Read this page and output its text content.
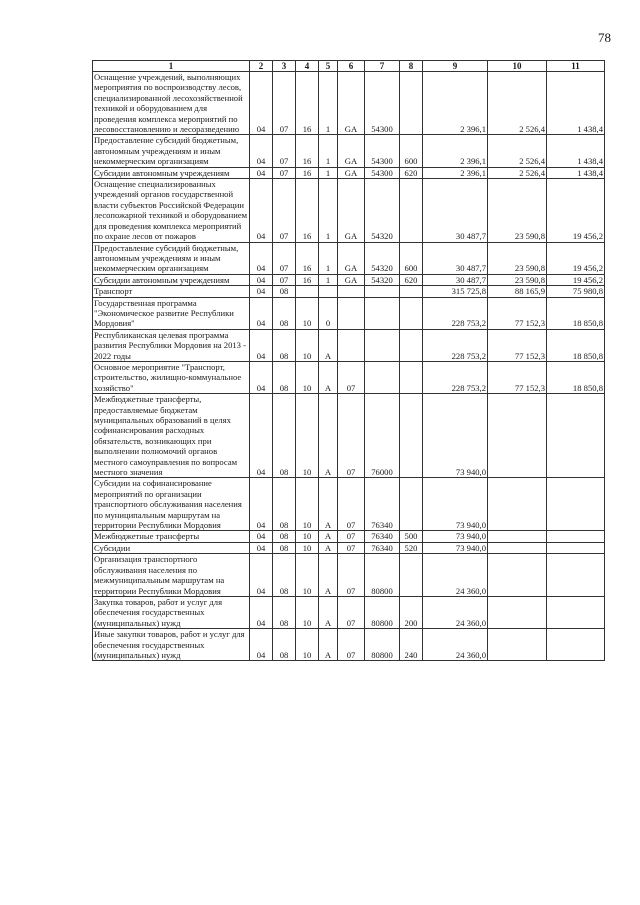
78
1	2	3	4	5	6	7	8	9	10	11
Оснащение учреждений, выполняющих мероприятия по воспроизводству лесов, специализированной лесохозяйственной техникой и оборудованием для проведения комплекса мероприятий по лесовосстановлению и лесоразведению	04	07	16	1	GA	54300		2 396,1	2 526,4	1 438,4
Предоставление субсидий бюджетным, автономным учреждениям и иным некоммерческим организациям	04	07	16	1	GA	54300	600	2 396,1	2 526,4	1 438,4
Субсидии автономным учреждениям	04	07	16	1	GA	54300	620	2 396,1	2 526,4	1 438,4
Оснащение специализированных учреждений органов государственной власти субъектов Российской Федерации лесопожарной техникой и оборудованием для проведения комплекса мероприятий по охране лесов от пожаров	04	07	16	1	GA	54320		30 487,7	23 590,8	19 456,2
Предоставление субсидий бюджетным, автономным учреждениям и иным некоммерческим организациям	04	07	16	1	GA	54320	600	30 487,7	23 590,8	19 456,2
Субсидии автономным учреждениям	04	07	16	1	GA	54320	620	30 487,7	23 590,8	19 456,2
Транспорт	04	08						315 725,8	88 165,9	75 980,8
Государственная программа "Экономическое развитие Республики Мордовия"	04	08	10	0				228 753,2	77 152,3	18 850,8
Республиканская целевая программа развития Республики Мордовия на 2013 - 2022 годы	04	08	10	А				228 753,2	77 152,3	18 850,8
Основное мероприятие "Транспорт, строительство, жилищно-коммунальное хозяйство"	04	08	10	А	07			228 753,2	77 152,3	18 850,8
Межбюджетные трансферты, предоставляемые бюджетам муниципальных образований в целях софинансирования расходных обязательств, возникающих при выполнении полномочий органов местного самоуправления по вопросам местного значения	04	08	10	А	07	76000		73 940,0		
Субсидии на софинансирование мероприятий по организации транспортного обслуживания населения по муниципальным маршрутам на территории Республики Мордовия	04	08	10	А	07	76340		73 940,0		
Межбюджетные трансферты	04	08	10	А	07	76340	500	73 940,0		
Субсидии	04	08	10	А	07	76340	520	73 940,0		
Организация транспортного обслуживания населения по межмуниципальным маршрутам на территории Республики Мордовия	04	08	10	А	07	80800		24 360,0		
Закупка товаров, работ и услуг для обеспечения государственных (муниципальных) нужд	04	08	10	А	07	80800	200	24 360,0		
Иные закупки товаров, работ и услуг для обеспечения государственных (муниципальных) нужд	04	08	10	А	07	80800	240	24 360,0		
